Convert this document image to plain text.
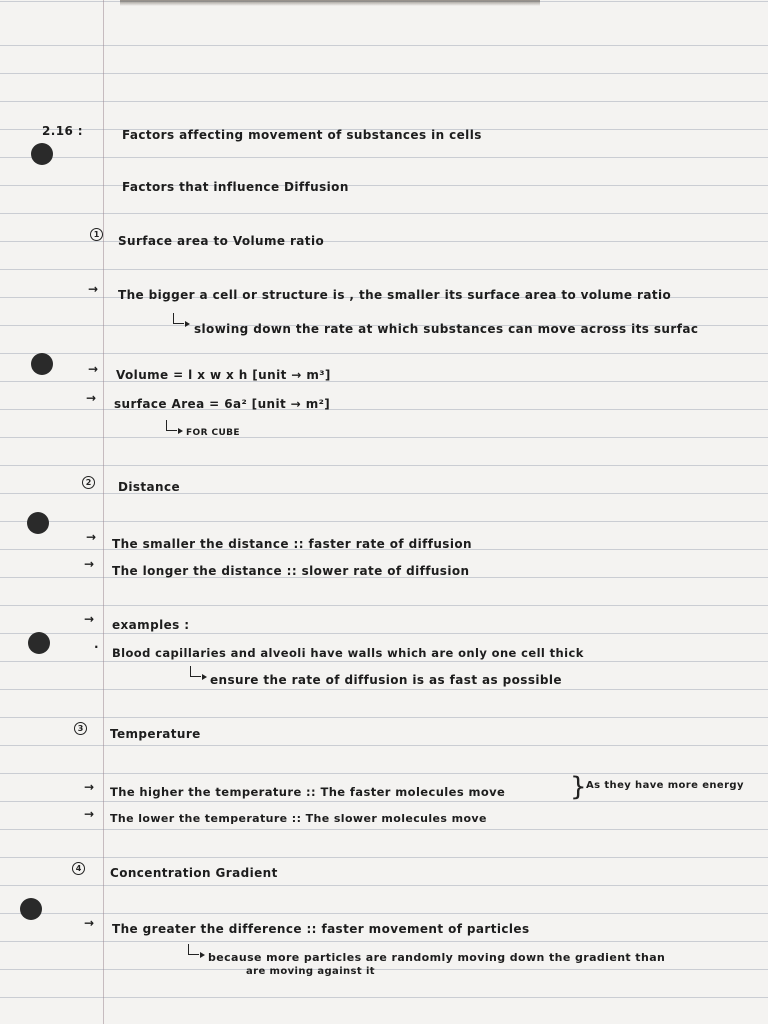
2.16 :	Factors affecting movement of substances in cells
Factors that influence Diffusion
1	Surface area to Volume ratio
→ The bigger a cell or structure is , the smaller its surface area to volume ratio
slowing down the rate at which substances can move across its surfac
→ Volume = l x w x h [unit → m³]
→ surface Area = 6a² [unit → m²]
FOR CUBE
2	Distance
→ The smaller the distance :: faster rate of diffusion
→ The longer the distance :: slower rate of diffusion
→ examples :
· Blood capillaries and alveoli have walls which are only one cell thick
ensure the rate of diffusion is as fast as possible
3	Temperature
→ The higher the temperature :: The faster molecules move } As they have more energy
→ The lower the temperature :: The slower molecules move
4	Concentration Gradient
→ The greater the difference :: faster movement of particles
because more particles are randomly moving down the gradient than
are moving against it
